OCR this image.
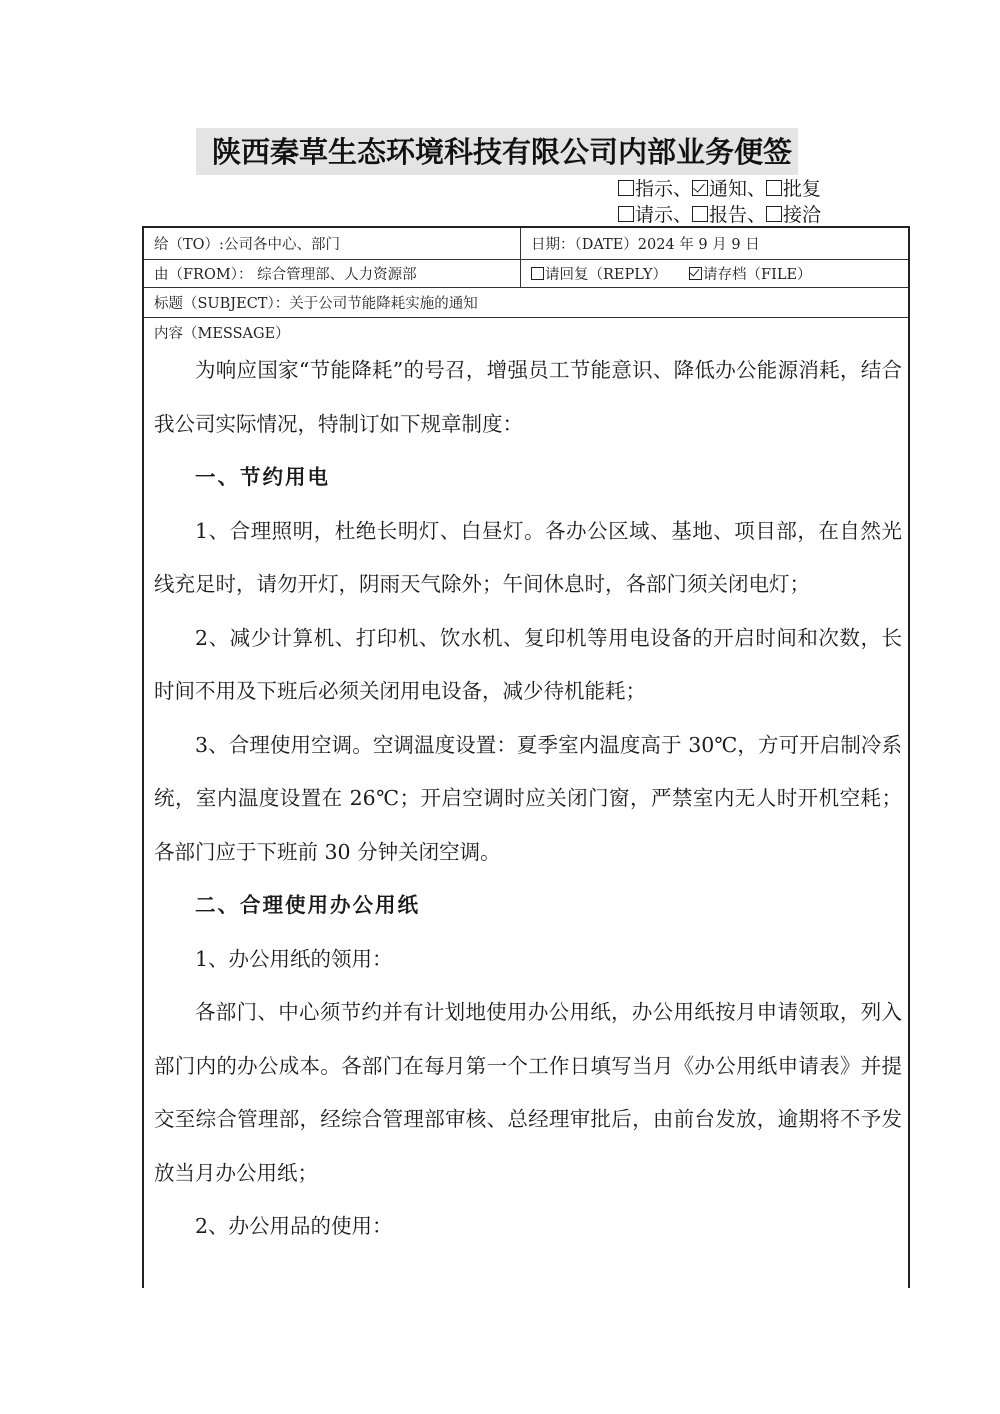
陕西秦草生态环境科技有限公司内部业务便签
指示、 通知、 批复
请示、 报告、 接洽
给（TO）:公司各中心、部门	日期：（DATE）2024 年 9 月 9 日
由（FROM）： 综合管理部、人力资源部	请回复（REPLY） 请存档（FILE）
标题（SUBJECT）：关于公司节能降耗实施的通知
内容（MESSAGE）

为响应国家“节能降耗”的号召，增强员工节能意识、降低办公能源消耗，结合我公司实际情况，特制订如下规章制度：

一、节约用电

1、合理照明，杜绝长明灯、白昼灯。各办公区域、基地、项目部，在自然光线充足时，请勿开灯，阴雨天气除外；午间休息时，各部门须关闭电灯；

2、减少计算机、打印机、饮水机、复印机等用电设备的开启时间和次数，长时间不用及下班后必须关闭用电设备，减少待机能耗；

3、合理使用空调。空调温度设置：夏季室内温度高于 30℃，方可开启制冷系统，室内温度设置在 26℃；开启空调时应关闭门窗，严禁室内无人时开机空耗；各部门应于下班前 30 分钟关闭空调。

二、合理使用办公用纸

1、办公用纸的领用：

各部门、中心须节约并有计划地使用办公用纸，办公用纸按月申请领取，列入部门内的办公成本。各部门在每月第一个工作日填写当月《办公用纸申请表》并提交至综合管理部，经综合管理部审核、总经理审批后，由前台发放，逾期将不予发放当月办公用纸；

2、办公用品的使用：
